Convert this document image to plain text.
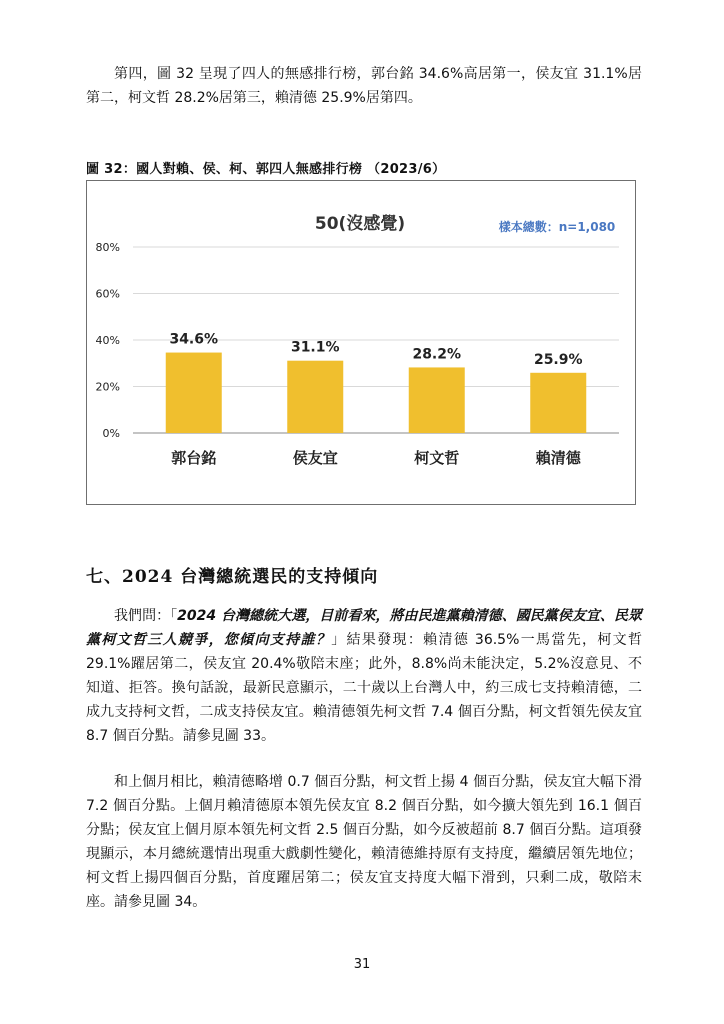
第四，圖 32 呈現了四人的無感排行榜，郭台銘 34.6%高居第一，侯友宜 31.1%居第二，柯文哲 28.2%居第三，賴清德 25.9%居第四。

圖 32：國人對賴、侯、柯、郭四人無感排行榜 （2023/6）
0%
20%
40%
60%
80%
34.6%
郭台銘
31.1%
侯友宜
28.2%
柯文哲
25.9%
賴清德
50(沒感覺)	樣本總數：n=1,080
七、2024 台灣總統選民的支持傾向

我們問：「2024 台灣總統大選，目前看來，將由民進黨賴清德、國民黨侯友宜、民眾黨柯文哲三人競爭，您傾向支持誰？」結果發現：賴清德 36.5%一馬當先，柯文哲 29.1%躍居第二，侯友宜 20.4%敬陪末座；此外，8.8%尚未能決定，5.2%沒意見、不知道、拒答。換句話說，最新民意顯示，二十歲以上台灣人中，約三成七支持賴清德，二成九支持柯文哲，二成支持侯友宜。賴清德領先柯文哲 7.4 個百分點，柯文哲領先侯友宜 8.7 個百分點。請參見圖 33。

和上個月相比，賴清德略增 0.7 個百分點，柯文哲上揚 4 個百分點，侯友宜大幅下滑 7.2 個百分點。上個月賴清德原本領先侯友宜 8.2 個百分點，如今擴大領先到 16.1 個百分點；侯友宜上個月原本領先柯文哲 2.5 個百分點，如今反被超前 8.7 個百分點。這項發現顯示，本月總統選情出現重大戲劇性變化，賴清德維持原有支持度，繼續居領先地位；柯文哲上揚四個百分點，首度躍居第二；侯友宜支持度大幅下滑到，只剩二成，敬陪末座。請參見圖 34。

31
